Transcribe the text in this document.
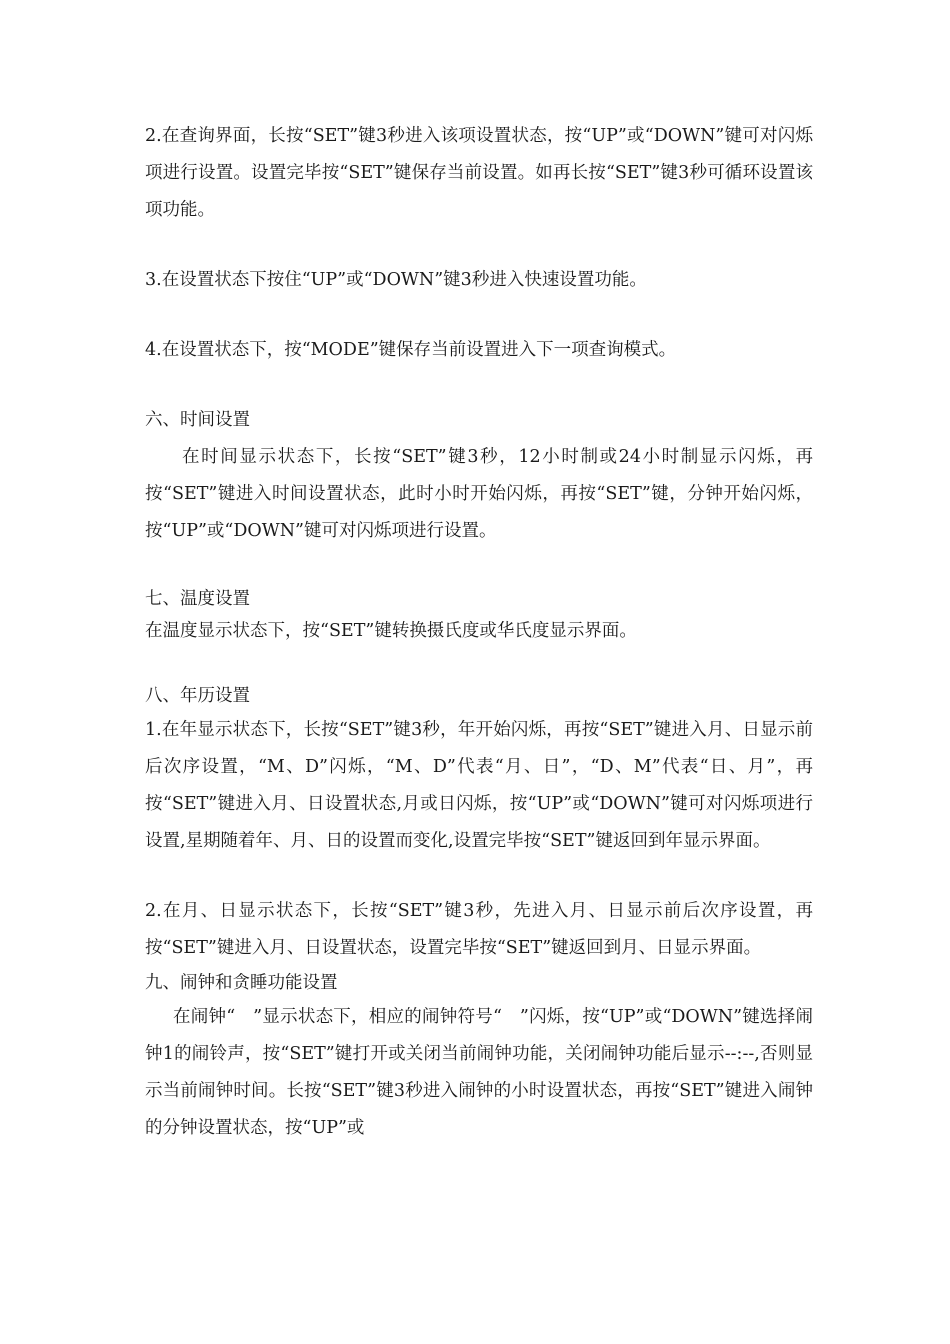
2.在查询界面，长按“SET”键3秒进入该项设置状态，按“UP”或“DOWN”键可对闪烁项进行设置。设置完毕按“SET”键保存当前设置。如再长按“SET”键3秒可循环设置该项功能。

3.在设置状态下按住“UP”或“DOWN”键3秒进入快速设置功能。

4.在设置状态下，按“MODE”键保存当前设置进入下一项查询模式。

六、时间设置

在时间显示状态下，长按“SET”键3秒，12小时制或24小时制显示闪烁，再按“SET”键进入时间设置状态，此时小时开始闪烁，再按“SET”键，分钟开始闪烁，按“UP”或“DOWN”键可对闪烁项进行设置。

七、温度设置

在温度显示状态下，按“SET”键转换摄氏度或华氏度显示界面。

八、年历设置

1.在年显示状态下，长按“SET”键3秒，年开始闪烁，再按“SET”键进入月、日显示前后次序设置，“M、D”闪烁，“M、D”代表“月、日”，“D、M”代表“日、月”，再按“SET”键进入月、日设置状态,月或日闪烁，按“UP”或“DOWN”键可对闪烁项进行设置,星期随着年、月、日的设置而变化,设置完毕按“SET”键返回到年显示界面。

2.在月、日显示状态下，长按“SET”键3秒，先进入月、日显示前后次序设置，再按“SET”键进入月、日设置状态，设置完毕按“SET”键返回到月、日显示界面。

九、闹钟和贪睡功能设置

在闹钟“　”显示状态下，相应的闹钟符号“　”闪烁，按“UP”或“DOWN”键选择闹钟1的闹铃声，按“SET”键打开或关闭当前闹钟功能，关闭闹钟功能后显示--:--,否则显示当前闹钟时间。长按“SET”键3秒进入闹钟的小时设置状态，再按“SET”键进入闹钟的分钟设置状态，按“UP”或
